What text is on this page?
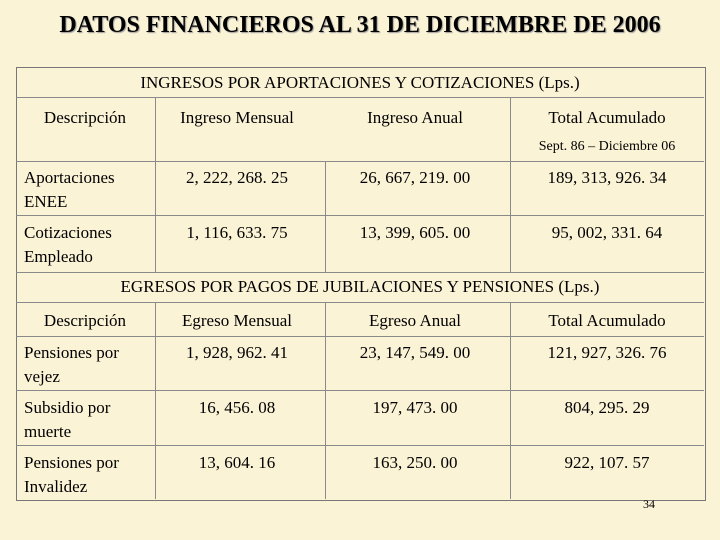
DATOS FINANCIEROS AL 31 DE DICIEMBRE DE 2006
INGRESOS POR APORTACIONES Y COTIZACIONES (Lps.)
Descripción	Ingreso Mensual	Ingreso Anual	Total Acumulado
Sept. 86 – Diciembre 06
Aportaciones
ENEE
2, 222, 268. 25	26, 667, 219. 00	189, 313, 926. 34
Cotizaciones
Empleado
1, 116, 633. 75	13, 399, 605. 00	95, 002, 331. 64
EGRESOS POR PAGOS DE JUBILACIONES Y PENSIONES (Lps.)
Descripción	Egreso Mensual	Egreso Anual	Total Acumulado
Pensiones por
vejez
1, 928, 962. 41	23, 147, 549. 00	121, 927, 326. 76
Subsidio por
muerte
16, 456. 08	197, 473. 00	804, 295. 29
Pensiones por
Invalidez
13, 604. 16	163, 250. 00	922, 107. 57
34
